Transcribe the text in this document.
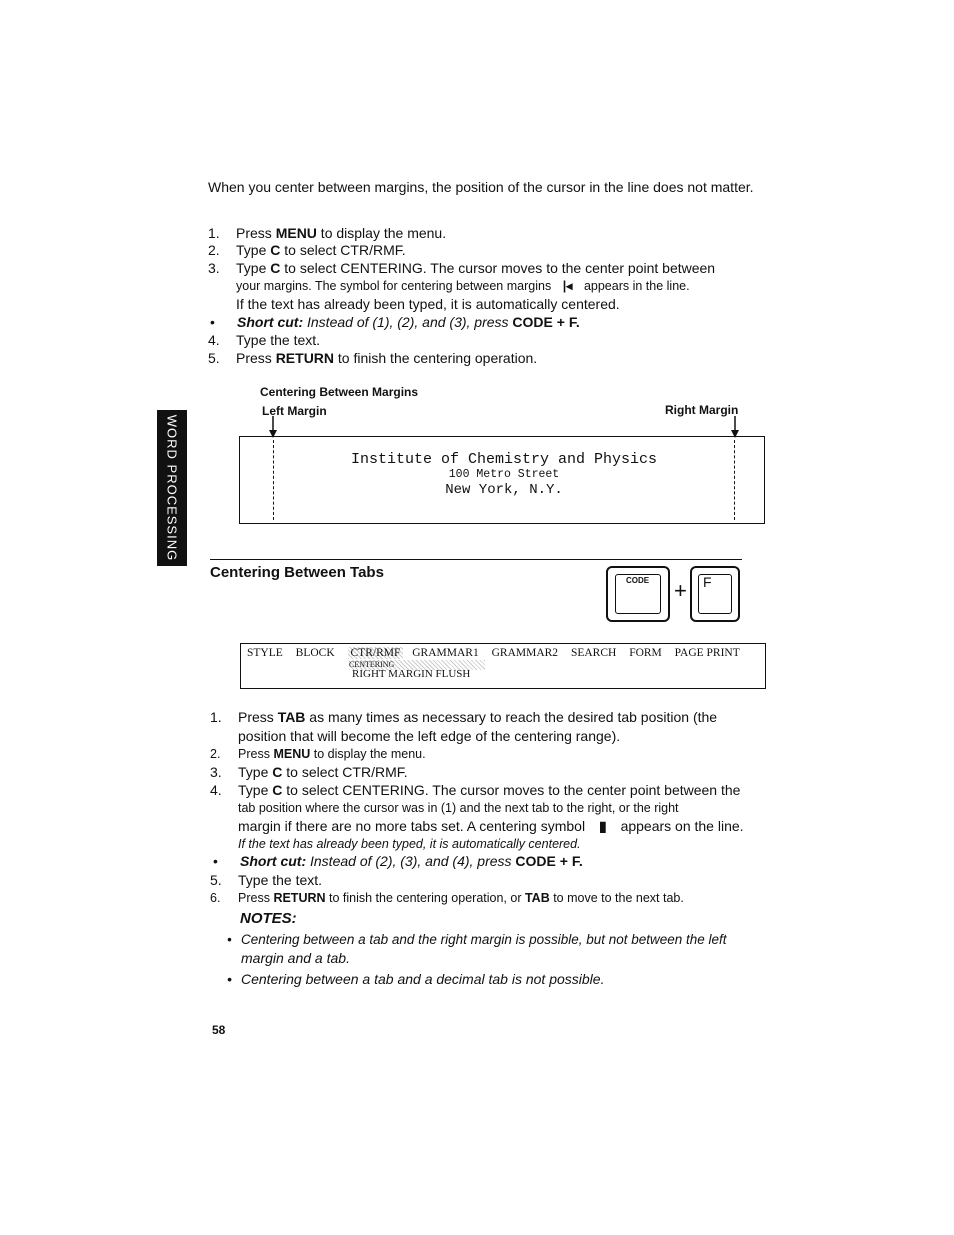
WORD PROCESSING
When you center between margins, the position of the cursor in the line does not matter.
1.	Press MENU to display the menu.
2.	Type C to select CTR/RMF.
3.	Type C to select CENTERING. The cursor moves to the center point between
your margins. The symbol for centering between margins |◂ appears in the line.
If the text has already been typed, it is automatically centered.
•	Short cut: Instead of (1), (2), and (3), press CODE + F.
4.	Type the text.
5.	Press RETURN to finish the centering operation.
Centering Between Margins
Left Margin	Right Margin
Institute of Chemistry and Physics
100 Metro Street
New York, N.Y.
Centering Between Tabs	CODE + F
STYLE BLOCK CTR/RMF GRAMMAR1 GRAMMAR2 SEARCH FORM PAGE PRINT
CENTERING
RIGHT MARGIN FLUSH
1.	Press TAB as many times as necessary to reach the desired tab position (the
position that will become the left edge of the centering range).
2.	Press MENU to display the menu.
3.	Type C to select CTR/RMF.
4.	Type C to select CENTERING. The cursor moves to the center point between the
tab position where the cursor was in (1) and the next tab to the right, or the right
margin if there are no more tabs set. A centering symbol ▮ appears on the line.
If the text has already been typed, it is automatically centered.
•	Short cut: Instead of (2), (3), and (4), press CODE + F.
5.	Type the text.
6.	Press RETURN to finish the centering operation, or TAB to move to the next tab.
NOTES:
• Centering between a tab and the right margin is possible, but not between the left
margin and a tab.
• Centering between a tab and a decimal tab is not possible.
58
